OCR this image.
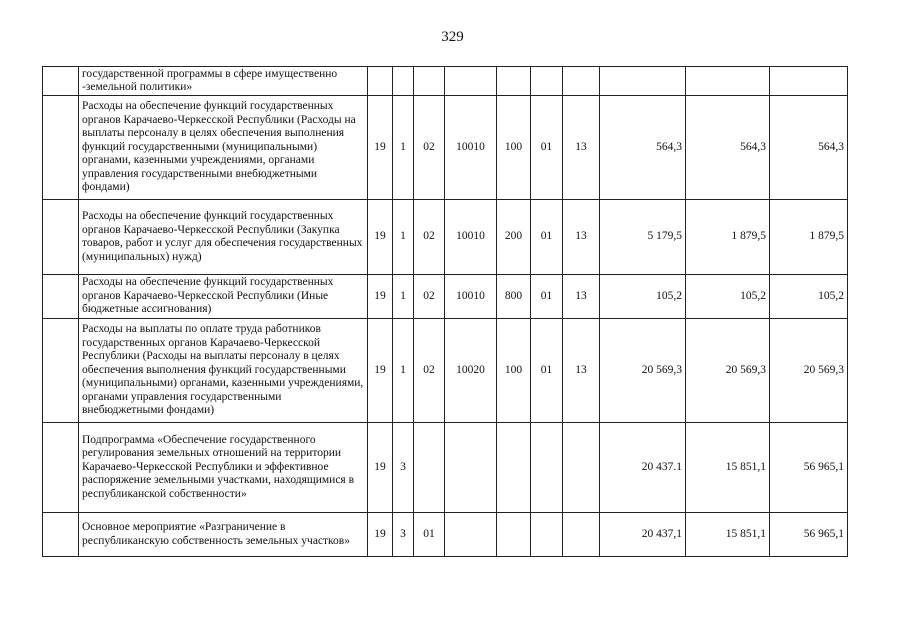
329
	государственной программы в сфере имущественно -земельной политики»										
	Расходы на обеспечение функций государственных органов Карачаево-Черкесской Республики (Расходы на выплаты персоналу в целях обеспечения выполнения функций государственными (муниципальными) органами, казенными учреждениями, органами управления государственными внебюджетными фондами)	19	1	02	10010	100	01	13	564,3	564,3	564,3
	Расходы на обеспечение функций государственных органов Карачаево-Черкесской Республики (Закупка товаров, работ и услуг для обеспечения государственных (муниципальных) нужд)	19	1	02	10010	200	01	13	5 179,5	1 879,5	1 879,5
	Расходы на обеспечение функций государственных органов Карачаево-Черкесской Республики (Иные бюджетные ассигнования)	19	1	02	10010	800	01	13	105,2	105,2	105,2
	Расходы на выплаты по оплате труда работников государственных органов Карачаево-Черкесской Республики (Расходы на выплаты персоналу в целях обеспечения выполнения функций государственными (муниципальными) органами, казенными учреждениями, органами управления государственными внебюджетными фондами)	19	1	02	10020	100	01	13	20 569,3	20 569,3	20 569,3
	Подпрограмма «Обеспечение государственного регулирования земельных отношений на территории Карачаево-Черкесской Республики и эффективное распоряжение земельными участками, находящимися в республиканской собственности»	19	3						20 437.1	15 851,1	56 965,1
	Основное мероприятие «Разграничение в республиканскую собственность земельных участков»	19	3	01					20 437,1	15 851,1	56 965,1
